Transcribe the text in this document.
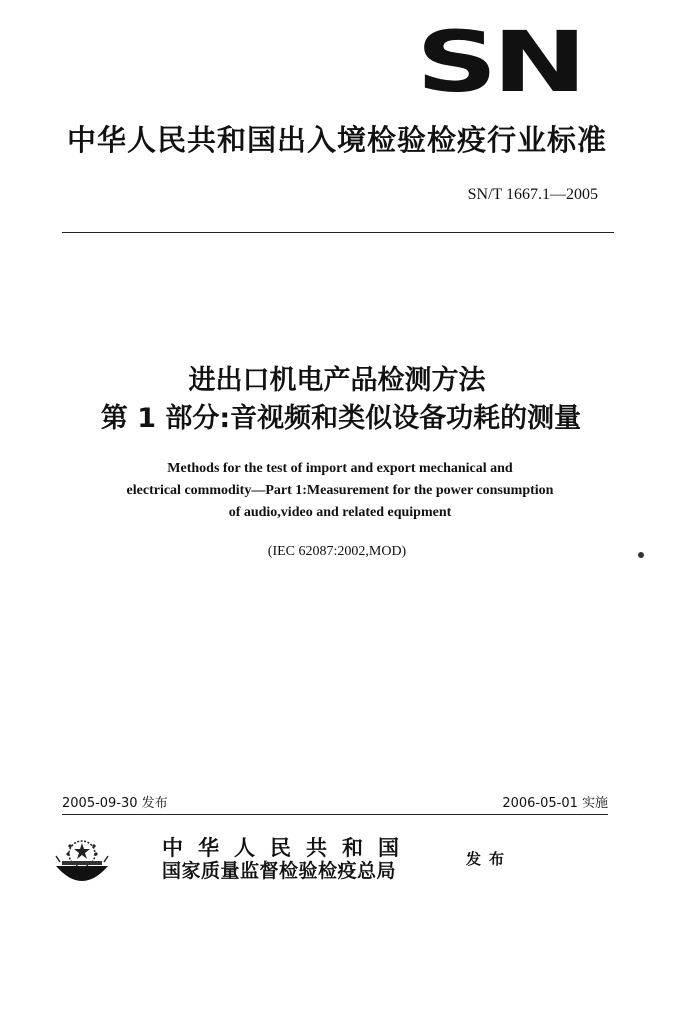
SN
中华人民共和国出入境检验检疫行业标准
SN/T 1667.1—2005
进出口机电产品检测方法
第 1 部分:音视频和类似设备功耗的测量
Methods for the test of import and export mechanical and
electrical commodity—Part 1:Measurement for the power consumption
of audio,video and related equipment
(IEC 62087:2002,MOD)
2005-09-30 发布	2006-05-01 实施
中华人民共和国
国家质量监督检验检疫总局
发布
